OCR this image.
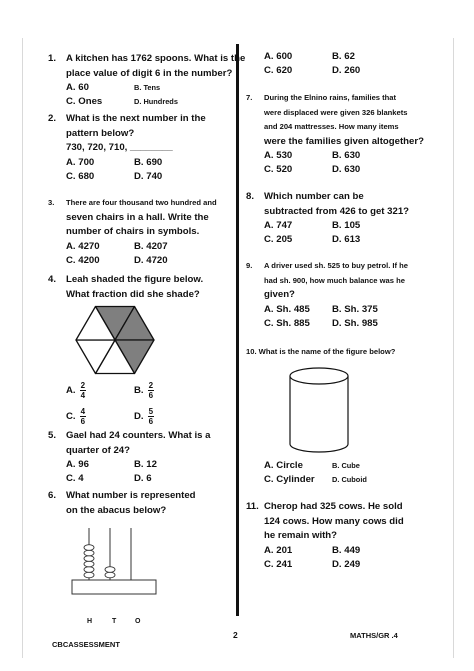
1. A kitchen has 1762 spoons. What is the
place value of digit 6 in the number?
A. 60	B. Tens
C. Ones	D. Hundreds
2. What is the next number in the
pattern below?
730, 720, 710, ________
A. 700	B. 690
C. 680	D. 740
3. There are four thousand two hundred and
seven chairs in a hall. Write the
number of chairs in symbols.
A. 4270	B. 4207
C. 4200	D. 4720
4. Leah shaded the figure below.
What fraction did she shade?
A. $\frac{2}{4}$	B. $\frac{2}{6}$
C. $\frac{4}{6}$	D. $\frac{5}{6}$
5. Gael had 24 counters. What is a
quarter of 24?
A. 96	B. 12
C. 4	D. 6
6. What number is represented
on the abacus below?
H	T	O
A. 600	B. 62
C. 620	D. 260
7. During the Elnino rains, families that
were displaced were given 326 blankets
and 204 mattresses. How many items
were the families given altogether?
A. 530	B. 630
C. 520	D. 630
8. Which number can be
subtracted from 426 to get 321?
A. 747	B. 105
C. 205	D. 613
9. A driver used sh. 525 to buy petrol. If he
had sh. 900, how much balance was he
given?
A. Sh. 485	B. Sh. 375
C. Sh. 885	D. Sh. 985
10. What is the name of the figure below?
A. Circle	B. Cube
C. Cylinder	D. Cuboid
11. Cherop had 325 cows. He sold
124 cows. How many cows did
he remain with?
A. 201	B. 449
C. 241	D. 249
CBCASSESSMENT
2	MATHS/GR .4
